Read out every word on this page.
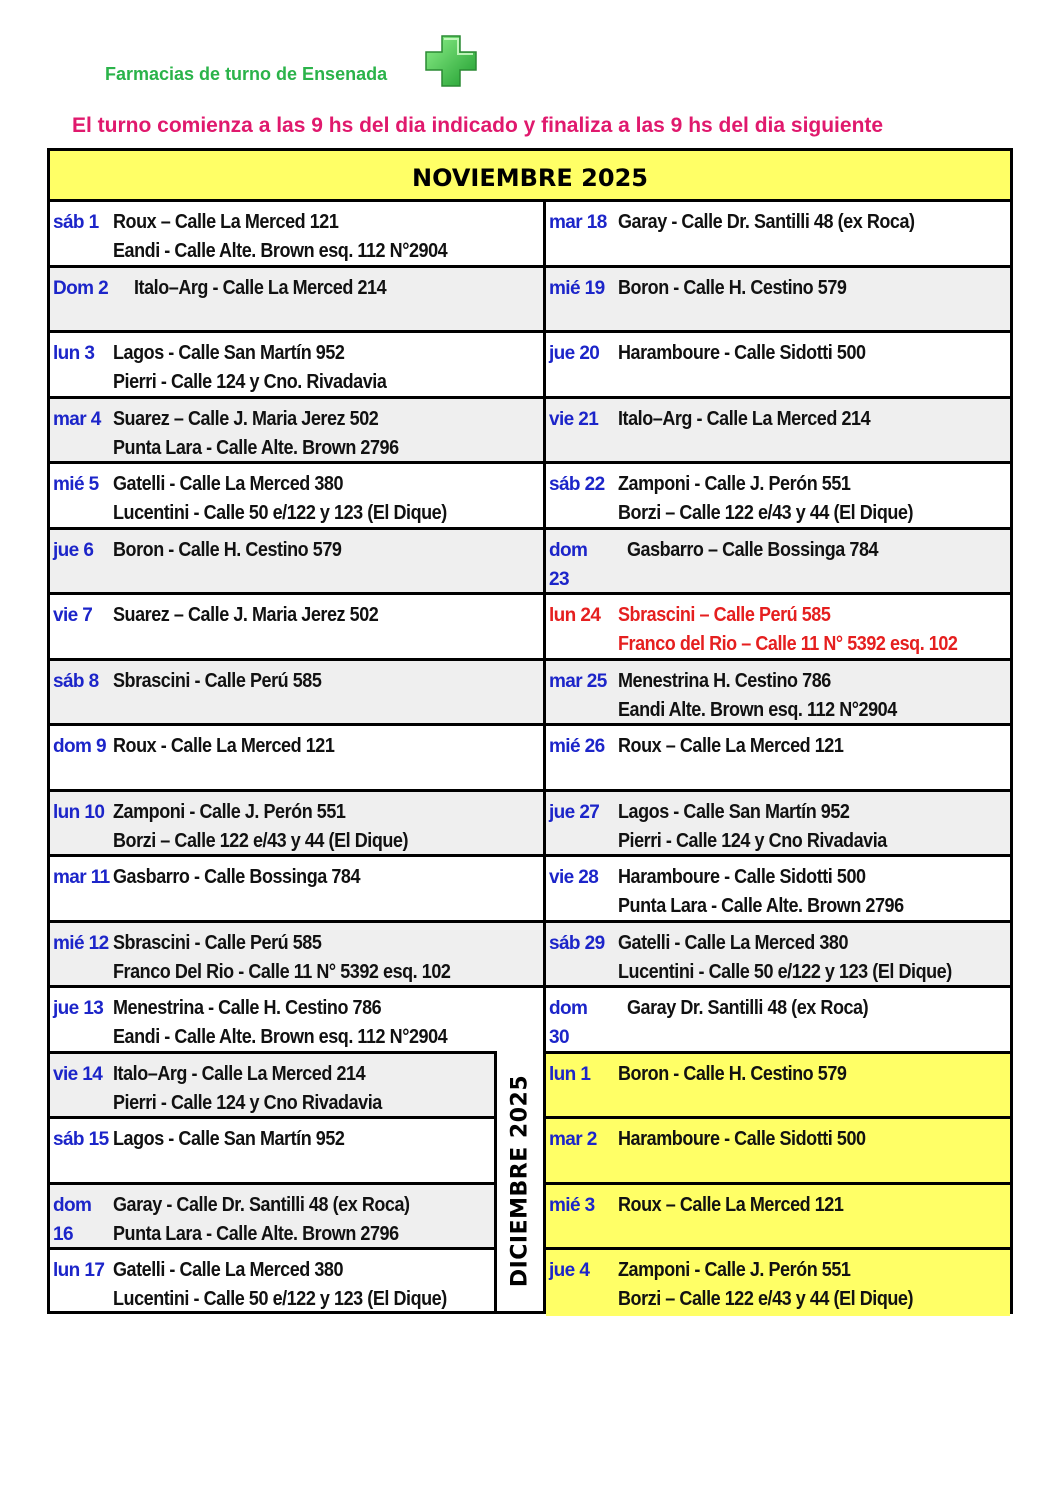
Farmacias de turno de Ensenada
El turno comienza a las 9 hs del dia indicado y finaliza a las 9 hs del dia siguiente
NOVIEMBRE 2025
sáb 1 Roux – Calle La Merced 121
Eandi - Calle Alte. Brown esq. 112 N°2904
Dom 2 Italo–Arg - Calle La Merced 214
lun 3 Lagos - Calle San Martín 952
Pierri - Calle 124 y Cno. Rivadavia
mar 4 Suarez – Calle J. Maria Jerez 502
Punta Lara - Calle Alte. Brown 2796
mié 5 Gatelli - Calle La Merced 380
Lucentini - Calle 50 e/122 y 123 (El Dique)
jue 6 Boron - Calle H. Cestino 579
vie 7 Suarez – Calle J. Maria Jerez 502
sáb 8 Sbrascini - Calle Perú 585
dom 9 Roux - Calle La Merced 121
lun 10 Zamponi - Calle J. Perón 551
Borzi – Calle 122 e/43 y 44 (El Dique)
mar 11 Gasbarro - Calle Bossinga 784
mié 12 Sbrascini - Calle Perú 585
Franco Del Rio - Calle 11 N° 5392 esq. 102
jue 13 Menestrina - Calle H. Cestino 786
Eandi - Calle Alte. Brown esq. 112 N°2904
vie 14 Italo–Arg - Calle La Merced 214
Pierri - Calle 124 y Cno Rivadavia
sáb 15 Lagos - Calle San Martín 952
dom 16
Garay - Calle Dr. Santilli 48 (ex Roca)
Punta Lara - Calle Alte. Brown 2796
lun 17 Gatelli - Calle La Merced 380
Lucentini - Calle 50 e/122 y 123 (El Dique)
mar 18 Garay - Calle Dr. Santilli 48 (ex Roca)
mié 19 Boron - Calle H. Cestino 579
jue 20 Haramboure - Calle Sidotti 500
vie 21 Italo–Arg - Calle La Merced 214
sáb 22 Zamponi - Calle J. Perón 551
Borzi – Calle 122 e/43 y 44 (El Dique)
dom 23
Gasbarro – Calle Bossinga 784
lun 24 Sbrascini – Calle Perú 585
Franco del Rio – Calle 11 N° 5392 esq. 102
mar 25 Menestrina H. Cestino 786
Eandi Alte. Brown esq. 112 N°2904
mié 26 Roux – Calle La Merced 121
jue 27 Lagos - Calle San Martín 952
Pierri - Calle 124 y Cno Rivadavia
vie 28 Haramboure - Calle Sidotti 500
Punta Lara - Calle Alte. Brown 2796
sáb 29 Gatelli - Calle La Merced 380
Lucentini - Calle 50 e/122 y 123 (El Dique)
dom 30
Garay Dr. Santilli 48 (ex Roca)
lun 1 Boron - Calle H. Cestino 579
mar 2 Haramboure - Calle Sidotti 500
mié 3 Roux – Calle La Merced 121
jue 4 Zamponi - Calle J. Perón 551
Borzi – Calle 122 e/43 y 44 (El Dique)
DICIEMBRE 2025
